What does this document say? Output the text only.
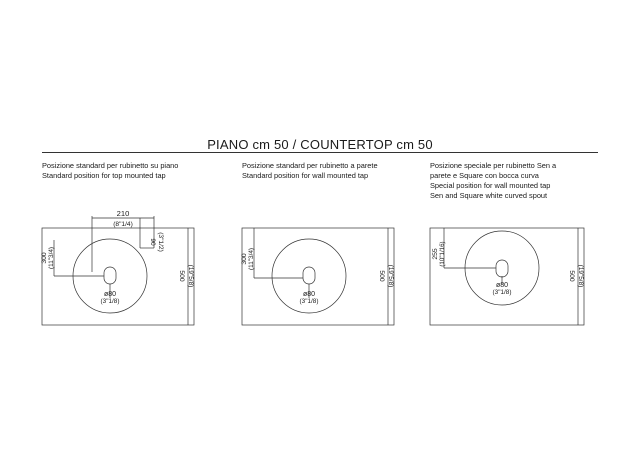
PIANO cm 50 / COUNTERTOP cm 50
Posizione standard per rubinetto su piano
Standard position for top mounted tap
Posizione standard per rubinetto a parete
Standard position for wall mounted tap
Posizione speciale per rubinetto Sen a
parete e Square con bocca curva
Special position for wall mounted tap
Sen and Square white curved spout
210
(8"1/4)
90 (3"1/2)
300 (11"3/4)
500 (19"5/8)
ø80
(3"1/8)
300 (11"3/4)
500 (19"5/8)
ø80
(3"1/8)
255 (10"1/16)
500 (19"5/8)
ø80
(3"1/8)
